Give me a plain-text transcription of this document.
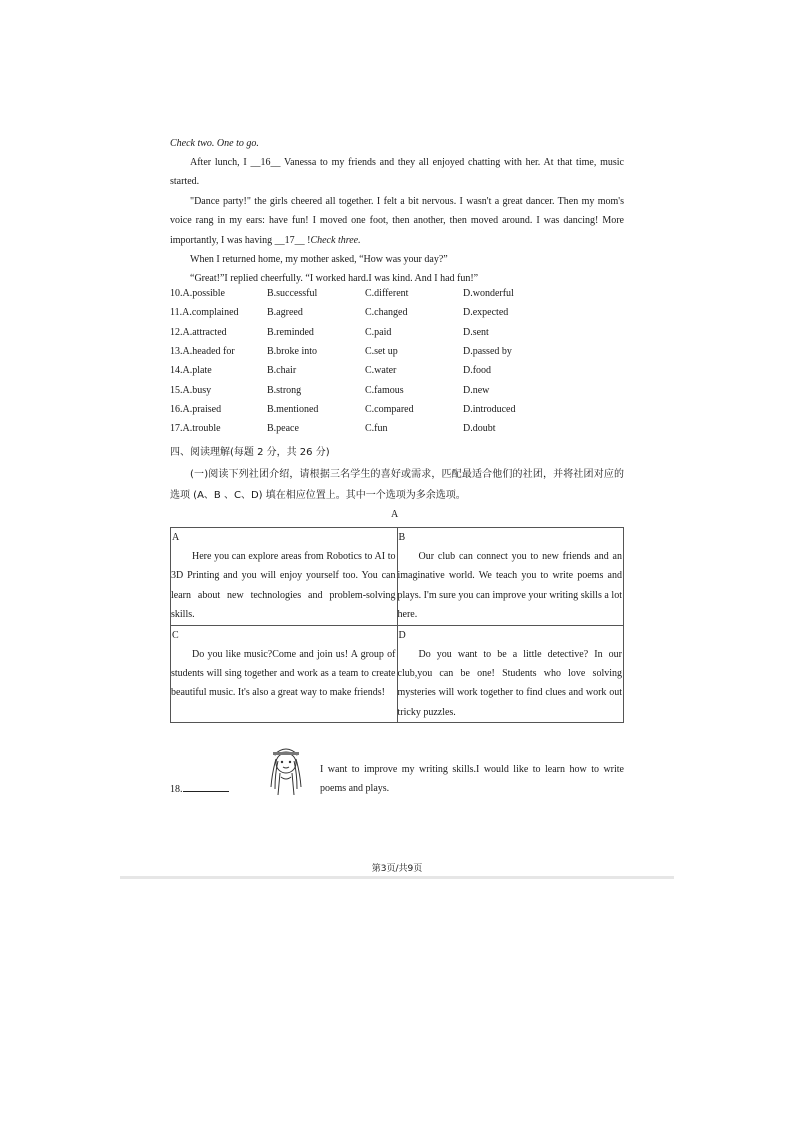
Check two. One to go.

After lunch, I __16__ Vanessa to my friends and they all enjoyed chatting with her. At that time, music started.

"Dance party!" the girls cheered all together. I felt a bit nervous. I wasn't a great dancer. Then my mom's voice rang in my ears: have fun! I moved one foot, then another, then moved around. I was dancing! More importantly, I was having __17__ !Check three.

When I returned home, my mother asked, “How was your day?”

“Great!”I replied cheerfully. “I worked hard.I was kind. And I had fun!”

10.A.possible	B.successful	C.different	D.wonderful
11.A.complained	B.agreed	C.changed	D.expected
12.A.attracted	B.reminded	C.paid	D.sent
13.A.headed for	B.broke into	C.set up	D.passed by
14.A.plate	B.chair	C.water	D.food
15.A.busy	B.strong	C.famous	D.new
16.A.praised	B.mentioned	C.compared	D.introduced
17.A.trouble	B.peace	C.fun	D.doubt
四、阅读理解(每题 2 分，共 26 分)

(一)阅读下列社团介绍，请根据三名学生的喜好或需求，匹配最适合他们的社团，并将社团对应的选项 (A、B 、C、D) 填在相应位置上。其中一个选项为多余选项。

A
A
Here you can explore areas from Robotics to AI to 3D Printing and you will enjoy yourself too. You can learn about new technologies and problem-solving skills.	B
Our club can connect you to new friends and an imaginative world. We teach you to write poems and plays. I'm sure you can improve your writing skills a lot here.

C
Do you like music?Come and join us! A group of students will sing together and work as a team to create beautiful music. It's also a great way to make friends!	D
Do you want to be a little detective? In our club,you can be one! Students who love solving mysteries will work together to find clues and work out tricky puzzles.
18.

I want to improve my writing skills.I would like to learn how to write poems and plays.

第3页/共9页
